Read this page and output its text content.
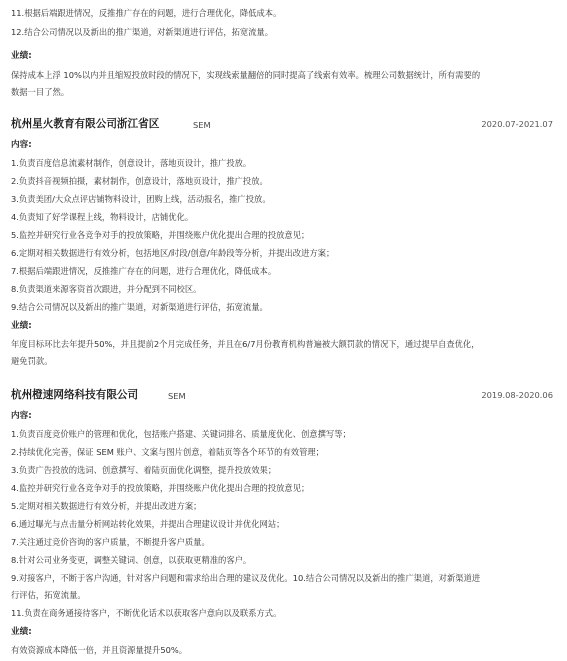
11.根据后端跟进情况，反推推广存在的问题，进行合理优化，降低成本。
12.结合公司情况以及新出的推广渠道，对新渠道进行评估，拓宽流量。
业绩:
保持成本上浮 10%以内并且缩短投放时段的情况下，实现线索量翻倍的同时提高了线索有效率。梳理公司数据统计，所有需要的
数据一目了然。
杭州星火教育有限公司浙江省区	SEM	2020.07-2021.07
内容:
1.负责百度信息流素材制作，创意设计，落地页设计，推广投放。
2.负责抖音视频拍摄，素材制作，创意设计，落地页设计，推广投放。
3.负责美团/大众点评店铺物料设计，团购上线，活动报名，推广投放。
4.负责知了好学课程上线，物料设计，店铺优化。
5.监控并研究行业各竞争对手的投放策略，并围绕账户优化提出合理的投放意见；
6.定期对相关数据进行有效分析，包括地区/时段/创意/年龄段等分析，并提出改进方案；
7.根据后端跟进情况，反推推广存在的问题，进行合理优化，降低成本。
8.负责渠道来源客资首次跟进，并分配到不同校区。
9.结合公司情况以及新出的推广渠道，对新渠道进行评估，拓宽流量。
业绩:
年度目标环比去年提升50%，并且提前2个月完成任务，并且在6/7月份教育机构普遍被大额罚款的情况下，通过提早自查优化，
避免罚款。
杭州橙速网络科技有限公司	SEM	2019.08-2020.06
内容:
1.负责百度竞价账户的管理和优化，包括账户搭建、关键词排名、质量度优化、创意撰写等；
2.持续优化完善，保证 SEM 账户、文案与图片创意，着陆页等各个环节的有效管理；
3.负责广告投放的选词、创意撰写、着陆页面优化调整，提升投放效果；
4.监控并研究行业各竞争对手的投放策略，并围绕账户优化提出合理的投放意见；
5.定期对相关数据进行有效分析，并提出改进方案；
6.通过曝光与点击量分析网站转化效果，并提出合理建议设计并优化网站；
7.关注通过竞价咨询的客户质量，不断提升客户质量。
8.针对公司业务变更，调整关键词、创意，以获取更精准的客户。
9.对接客户，不断于客户沟通，针对客户问题和需求给出合理的建议及优化。10.结合公司情况以及新出的推广渠道，对新渠道进
行评估，拓宽流量。
11.负责在商务通接待客户，不断优化话术以获取客户意向以及联系方式。
业绩:
有效资源成本降低一倍，并且资源量提升50%。
